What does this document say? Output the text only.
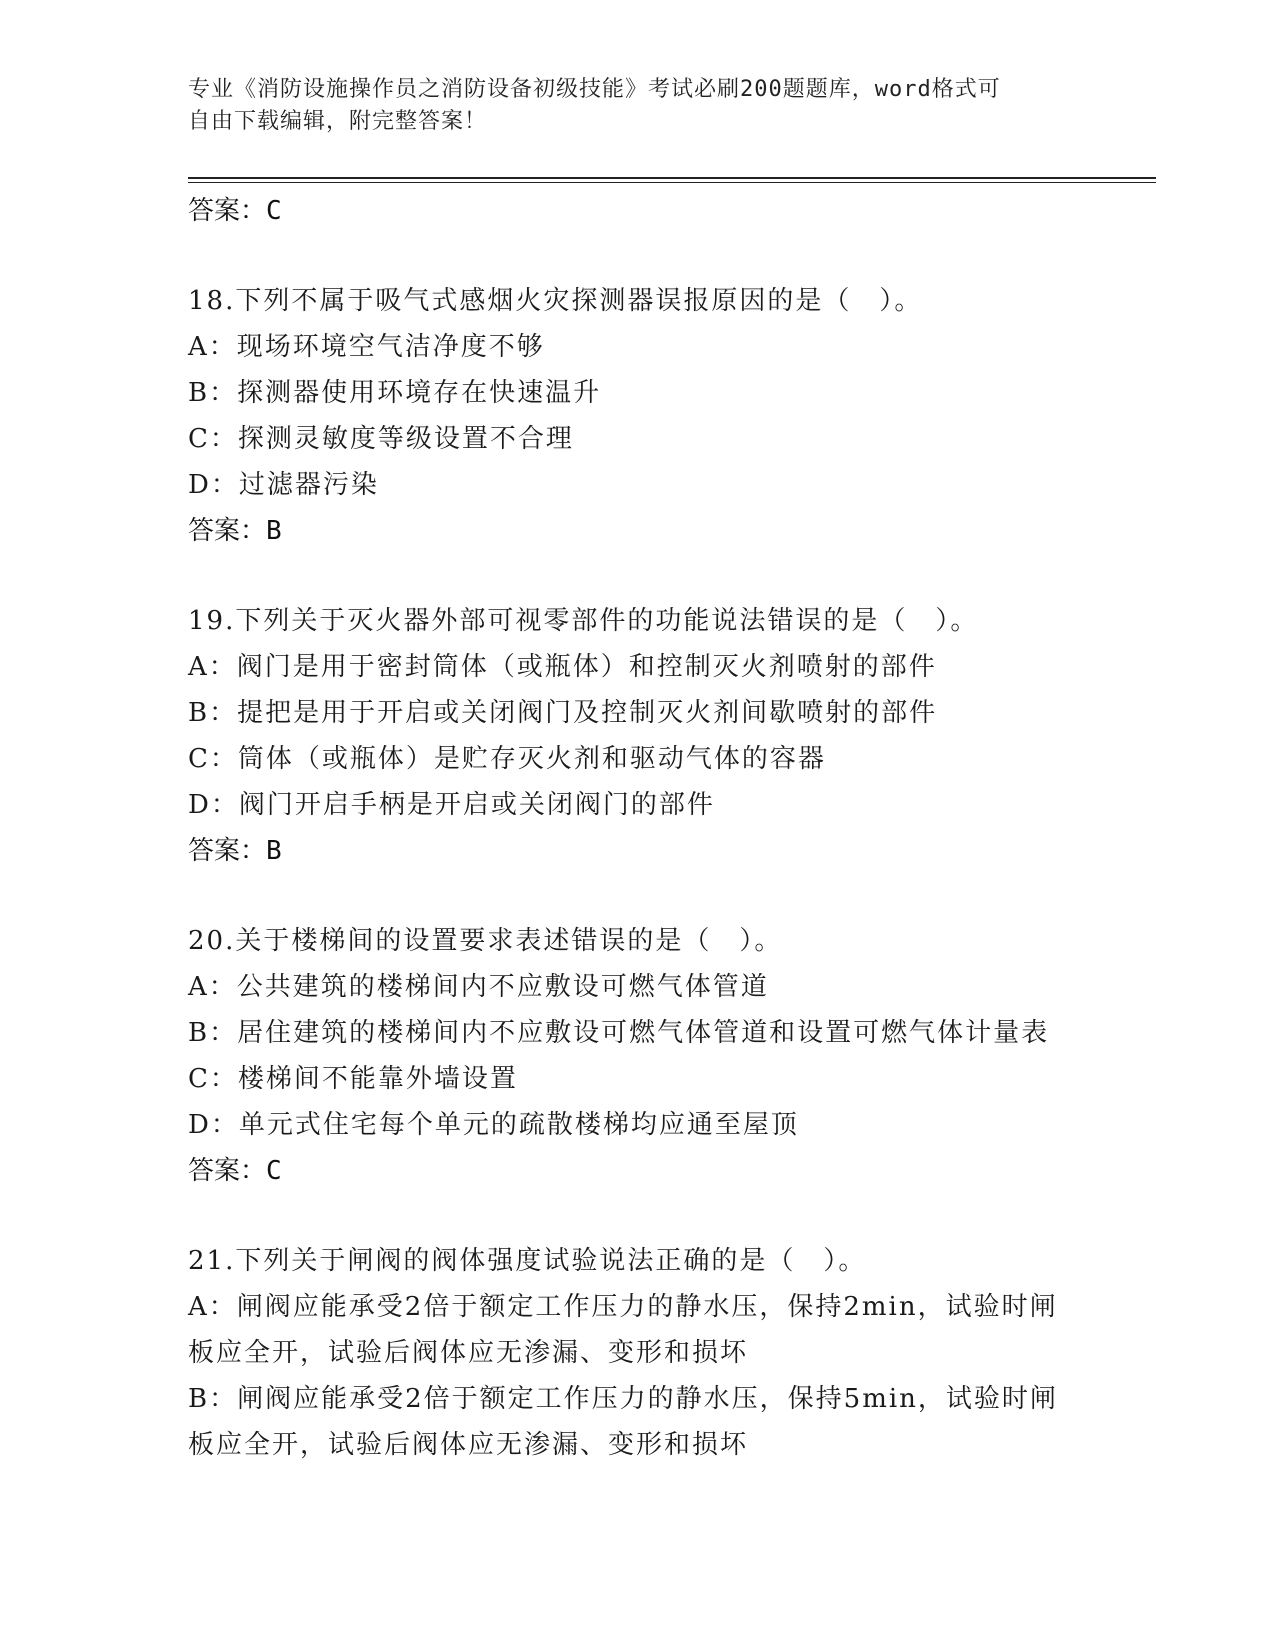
专业《消防设施操作员之消防设备初级技能》考试必刷200题题库，word格式可
自由下载编辑，附完整答案！
答案：C
18.下列不属于吸气式感烟火灾探测器误报原因的是（　）。
A：现场环境空气洁净度不够
B：探测器使用环境存在快速温升
C：探测灵敏度等级设置不合理
D：过滤器污染
答案：B
19.下列关于灭火器外部可视零部件的功能说法错误的是（　）。
A：阀门是用于密封筒体（或瓶体）和控制灭火剂喷射的部件
B：提把是用于开启或关闭阀门及控制灭火剂间歇喷射的部件
C：筒体（或瓶体）是贮存灭火剂和驱动气体的容器
D：阀门开启手柄是开启或关闭阀门的部件
答案：B
20.关于楼梯间的设置要求表述错误的是（　）。
A：公共建筑的楼梯间内不应敷设可燃气体管道
B：居住建筑的楼梯间内不应敷设可燃气体管道和设置可燃气体计量表
C：楼梯间不能靠外墙设置
D：单元式住宅每个单元的疏散楼梯均应通至屋顶
答案：C
21.下列关于闸阀的阀体强度试验说法正确的是（　）。
A：闸阀应能承受2倍于额定工作压力的静水压，保持2min，试验时闸
板应全开，试验后阀体应无渗漏、变形和损坏
B：闸阀应能承受2倍于额定工作压力的静水压，保持5min，试验时闸
板应全开，试验后阀体应无渗漏、变形和损坏
